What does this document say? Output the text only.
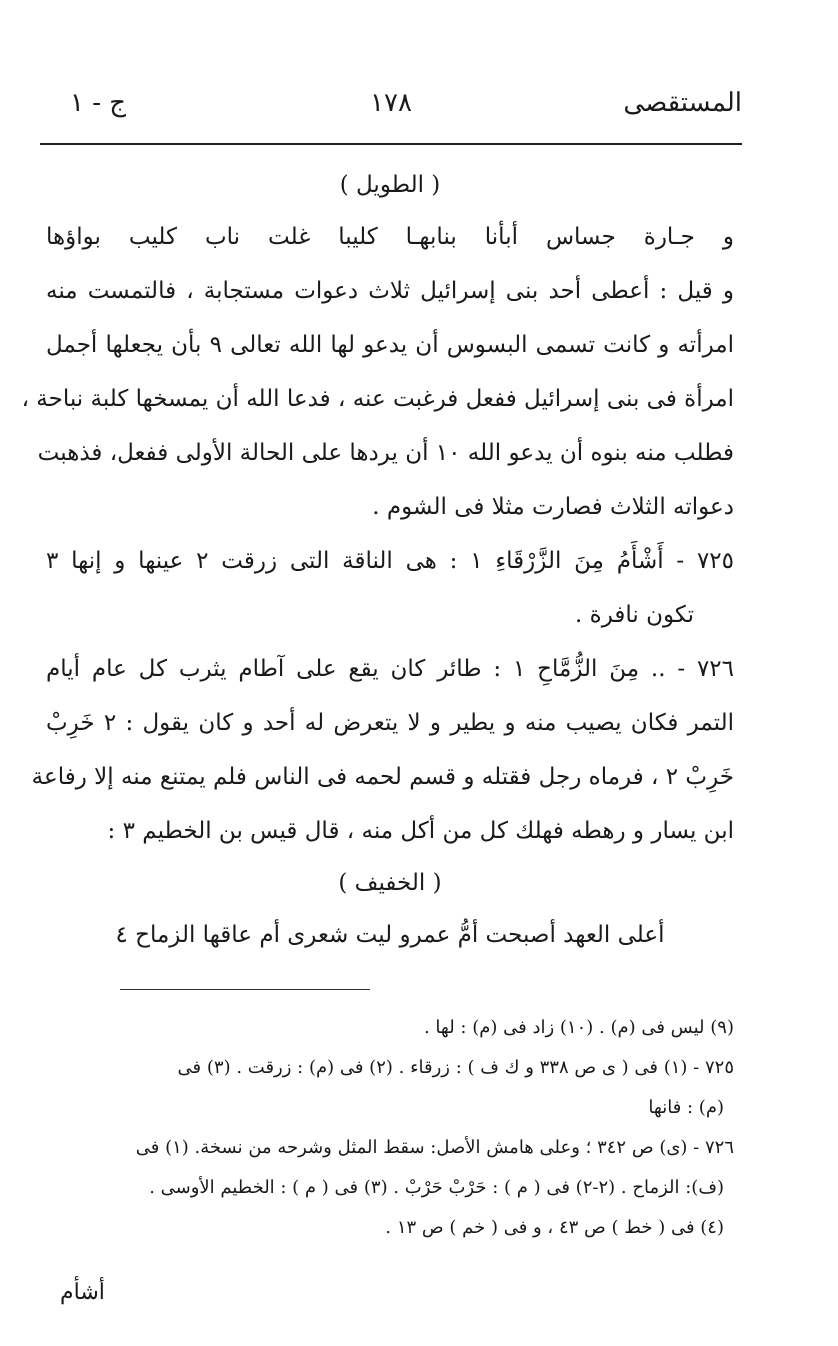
المستقصى
١٧٨
ج - ١
( الطويل )
و جـارة جساس أبأنا بنابهـا كليبا غلت ناب كليب بواؤها
و قيل : أعطى أحد بنى إسرائيل ثلاث دعوات مستجابة ، فالتمست منه
امرأته و كانت تسمى البسوس أن يدعو لها الله تعالى ٩ بأن يجعلها أجمل
امرأة فى بنى إسرائيل ففعل فرغبت عنه ، فدعا الله أن يمسخها كلبة نباحة ،
فطلب منه بنوه أن يدعو الله ١٠ أن يردها على الحالة الأولى ففعل، فذهبت
دعواته الثلاث فصارت مثلا فى الشوم .
٧٢٥ - أَشْأَمُ مِنَ الزَّرْقَاءِ ١ : هى الناقة التى زرقت ٢ عينها و إنها ٣
تكون نافرة .
٧٢٦ - .. مِنَ الزُّمَّاحِ ١ : طائر كان يقع على آطام يثرب كل عام أيام
التمر فكان يصيب منه و يطير و لا يتعرض له أحد و كان يقول : ٢ خَرِبْ
خَرِبْ ٢ ، فرماه رجل فقتله و قسم لحمه فى الناس فلم يمتنع منه إلا رفاعة
ابن يسار و رهطه فهلك كل من أكل منه ، قال قيس بن الخطيم ٣ :
( الخفيف )
أعلى العهد أصبحت أمُّ عمرو ليت شعرى أم عاقها الزماح ٤
(٩) ليس فى (م) . (١٠) زاد فى (م) : لها .
٧٢٥ - (١) فى ( ى ص ٣٣٨ و ك ف ) : زرقاء . (٢) فى (م) : زرقت . (٣) فى
(م) : فانها
٧٢٦ - (ى) ص ٣٤٢ ؛ وعلى هامش الأصل: سقط المثل وشرحه من نسخة. (١) فى
(ف): الزماح . (٢-٢) فى ( م ) : حَرْبْ حَرْبْ . (٣) فى ( م ) : الخطيم الأوسى .
(٤) فى ( خط ) ص ٤٣ ، و فى ( خم ) ص ١٣ .
أشأم
